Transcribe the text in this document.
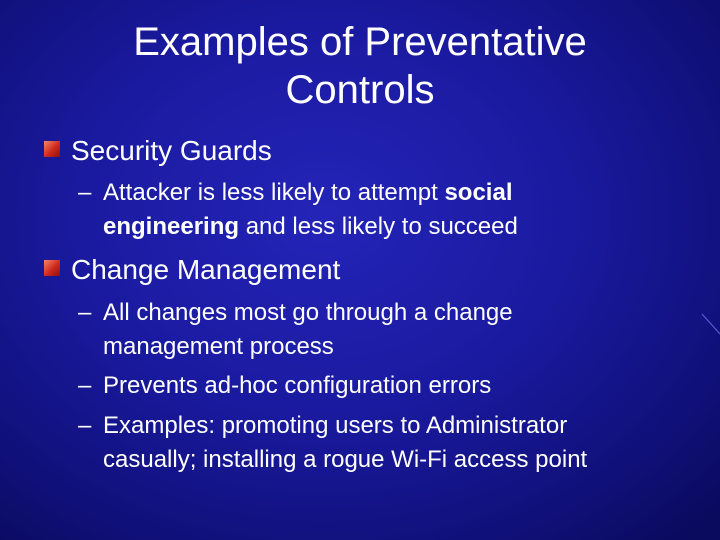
Examples of Preventative
Controls
Security Guards
– Attacker is less likely to attempt social
engineering and less likely to succeed
Change Management
– All changes most go through a change
management process
– Prevents ad-hoc configuration errors
– Examples: promoting users to Administrator
casually; installing a rogue Wi-Fi access point
